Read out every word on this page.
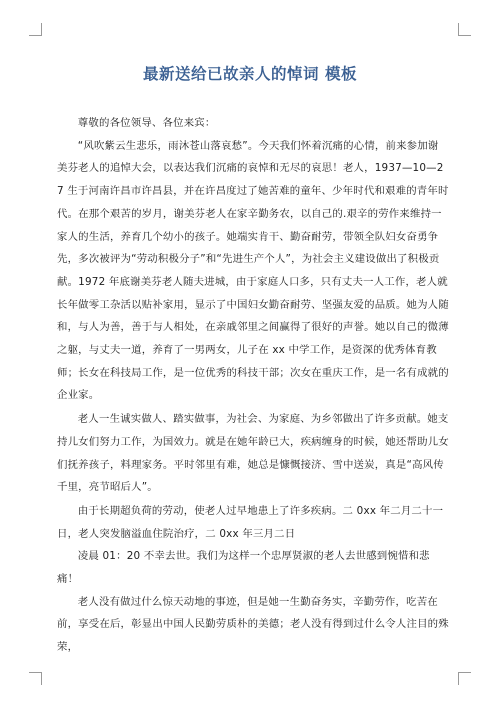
最新送给已故亲人的悼词 模板

尊敬的各位领导、各位来宾：

“风吹紫云生悲乐，雨沐苍山落哀愁”。今天我们怀着沉痛的心情，前来参加谢美芬老人的追悼大会，以表达我们沉痛的哀悼和无尽的哀思！老人，1937—10—27 生于河南许昌市许昌县，并在许昌度过了她苦难的童年、少年时代和艰难的青年时代。在那个艰苦的岁月，谢美芬老人在家辛勤务农，以自己的.艰辛的劳作来维持一家人的生活，养育几个幼小的孩子。她端实肯干、勤奋耐劳，带领全队妇女奋勇争先，多次被评为“劳动积极分子”和“先进生产个人”，为社会主义建设做出了积极贡献。1972 年底谢美芬老人随夫进城，由于家庭人口多，只有丈夫一人工作，老人就长年做零工杂活以贴补家用，显示了中国妇女勤奋耐劳、坚强友爱的品质。她为人随和，与人为善，善于与人相处，在亲戚邻里之间赢得了很好的声誉。她以自己的微薄之躯，与丈夫一道，养育了一男两女，儿子在 xx 中学工作，是资深的优秀体育教师；长女在科技局工作，是一位优秀的科技干部；次女在重庆工作，是一名有成就的企业家。

老人一生诚实做人、踏实做事，为社会、为家庭、为乡邻做出了许多贡献。她支持儿女们努力工作，为国效力。就是在她年龄已大，疾病缠身的时候，她还帮助儿女们抚养孩子，料理家务。平时邻里有难，她总是慷慨接济、雪中送炭，真是“高风传千里，亮节昭后人”。

由于长期超负荷的劳动，使老人过早地患上了许多疾病。二 0xx 年二月二十一日，老人突发脑溢血住院治疗，二 0xx 年三月二日

凌晨 01：20 不幸去世。我们为这样一个忠厚贤淑的老人去世感到惋惜和悲痛！

老人没有做过什么惊天动地的事迹，但是她一生勤奋务实，辛勤劳作，吃苦在前，享受在后，彰显出中国人民勤劳质朴的美德；老人没有得到过什么令人注目的殊荣，
